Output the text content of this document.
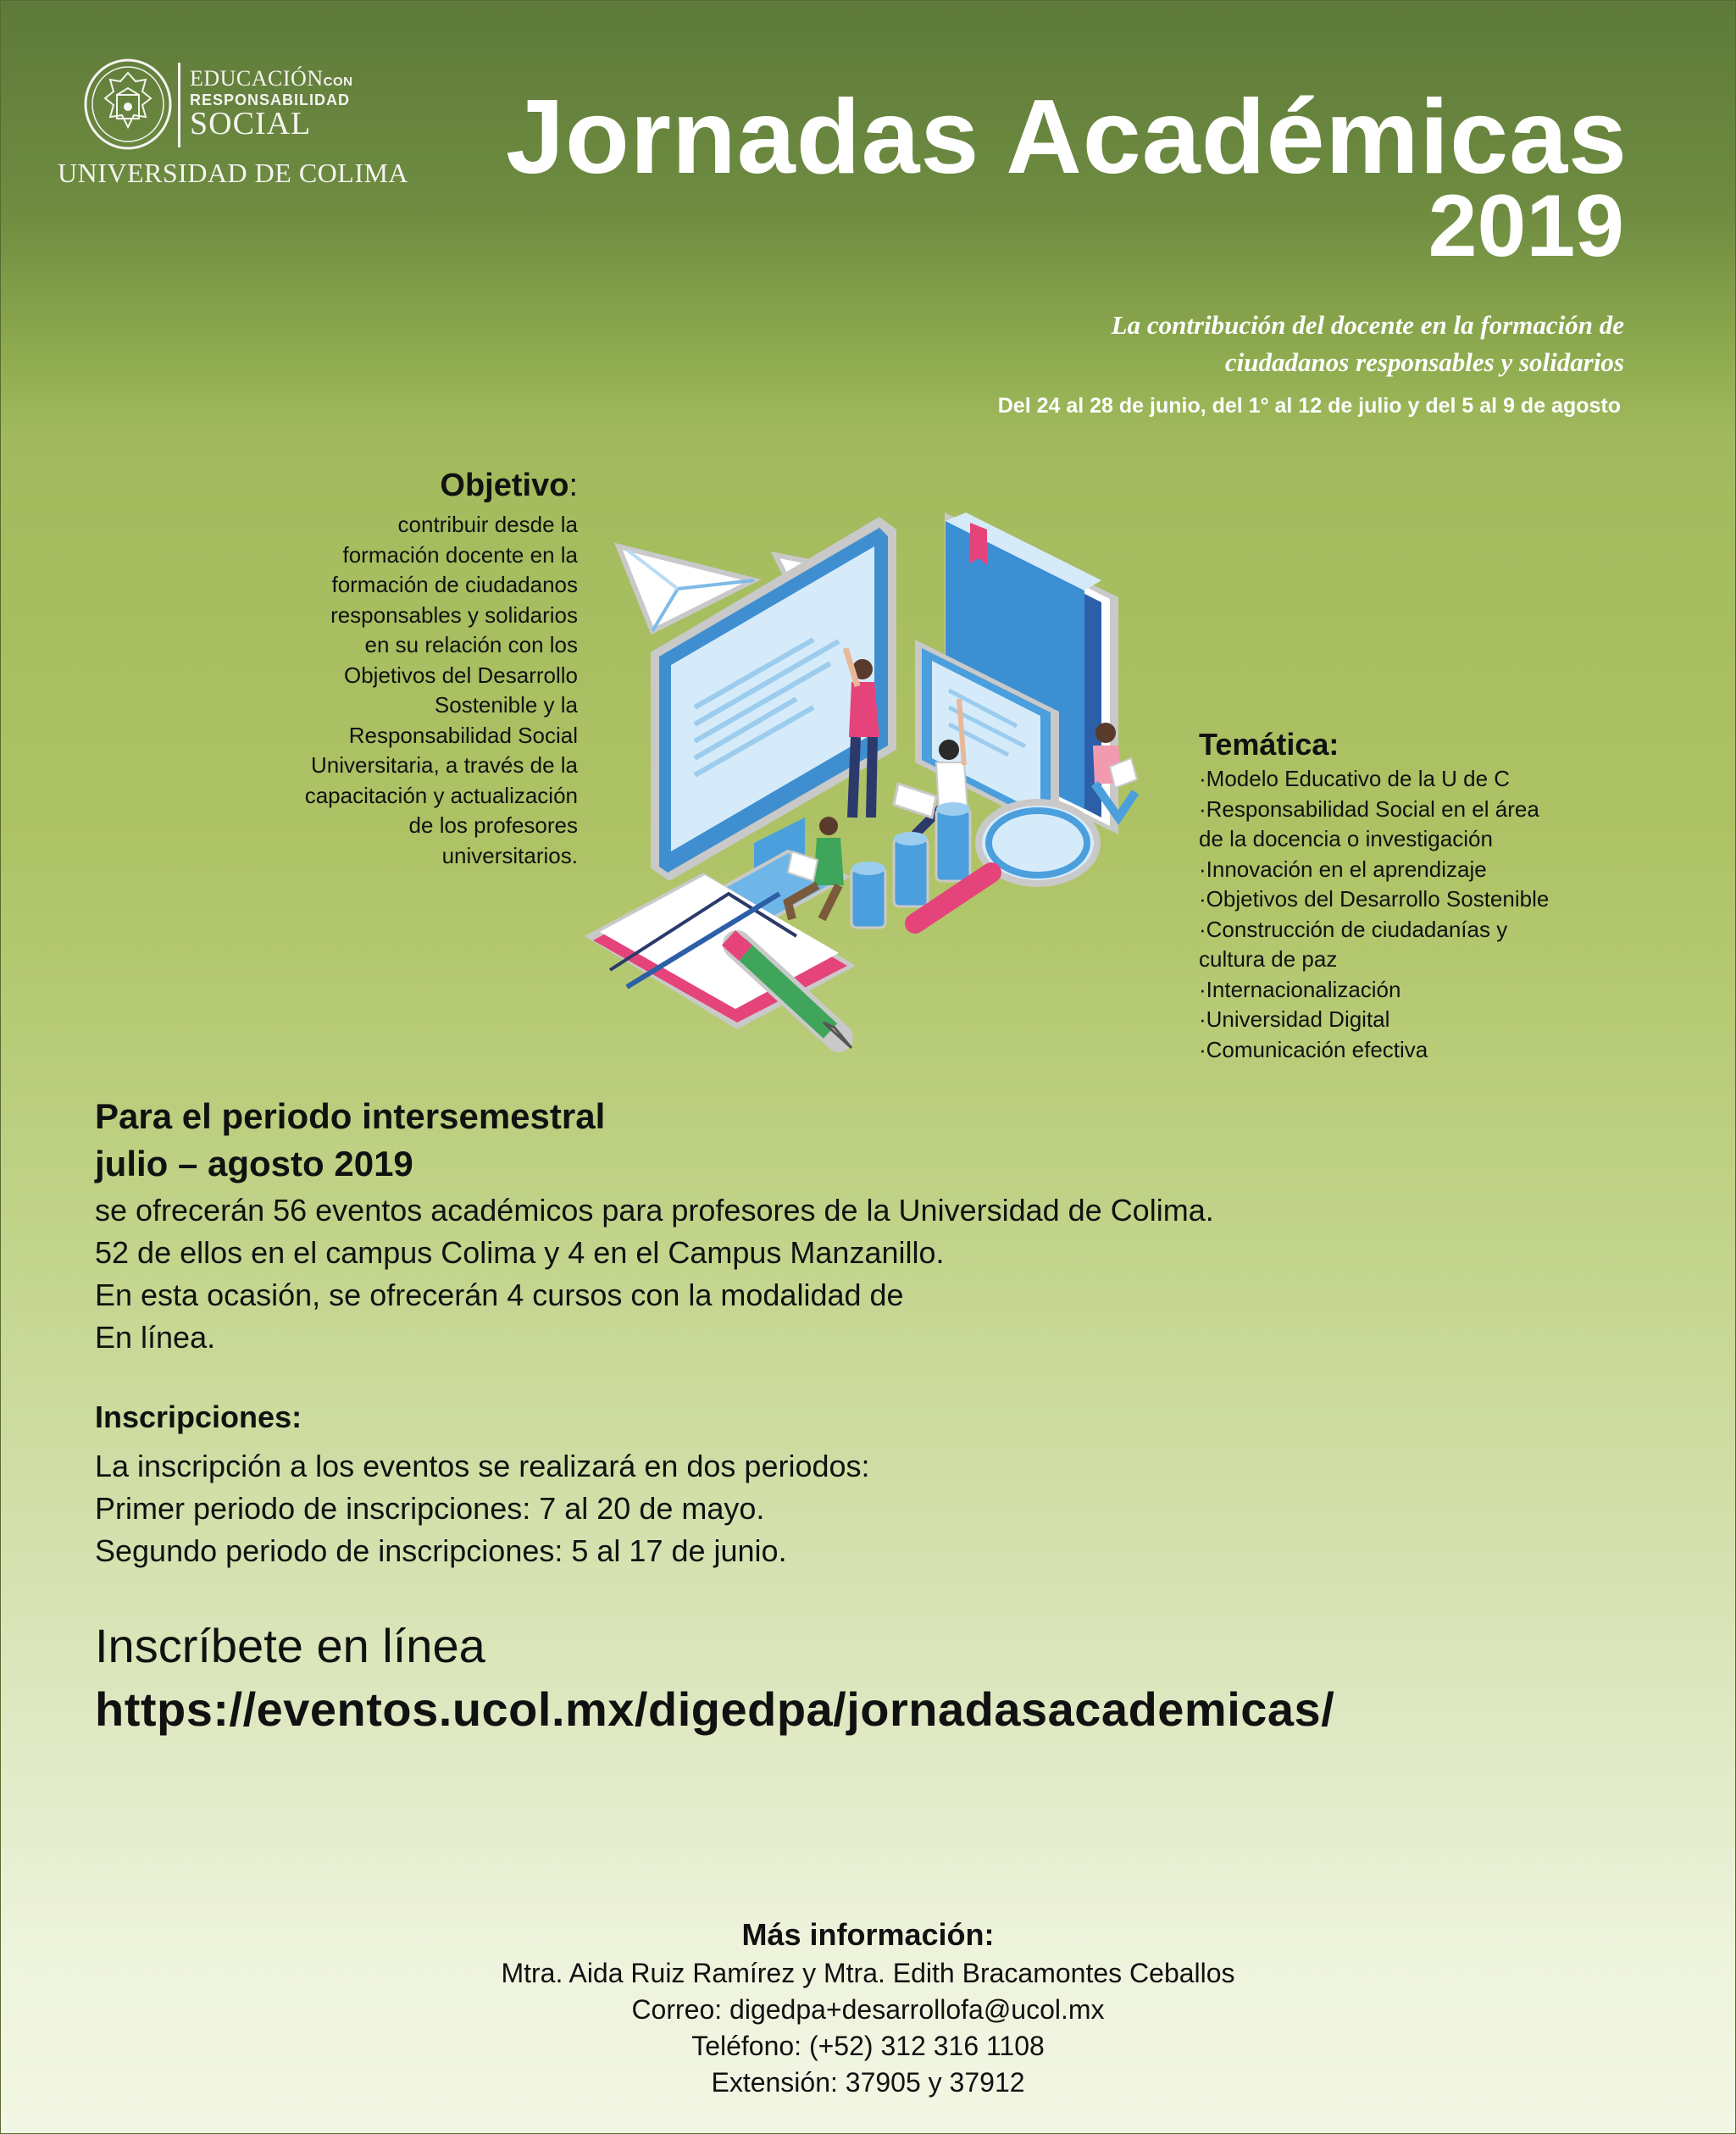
EDUCACIÓNCON
RESPONSABILIDAD
SOCIAL
UNIVERSIDAD DE COLIMA Jornadas Académicas
2019
La contribución del docente en la formación de
ciudadanos responsables y solidarios
Del 24 al 28 de junio, del 1° al 12 de julio y del 5 al 9 de agosto
Objetivo:
contribuir desde la
formación docente en la
formación de ciudadanos
responsables y solidarios
en su relación con los
Objetivos del Desarrollo
Sostenible y la
Responsabilidad Social
Universitaria, a través de la
capacitación y actualización
de los profesores
universitarios.
Temática:
·Modelo Educativo de la U de C
·Responsabilidad Social en el área
de la docencia o investigación
·Innovación en el aprendizaje
·Objetivos del Desarrollo Sostenible
·Construcción de ciudadanías y
cultura de paz
·Internacionalización
·Universidad Digital
·Comunicación efectiva
Para el periodo intersemestral
julio – agosto 2019
se ofrecerán 56 eventos académicos para profesores de la Universidad de Colima.
52 de ellos en el campus Colima y 4 en el Campus Manzanillo.
En esta ocasión, se ofrecerán 4 cursos con la modalidad de
En línea.
Inscripciones:
La inscripción a los eventos se realizará en dos periodos:
Primer periodo de inscripciones: 7 al 20 de mayo.
Segundo periodo de inscripciones: 5 al 17 de junio.
Inscríbete en línea
https://eventos.ucol.mx/digedpa/jornadasacademicas/
Más información:
Mtra. Aida Ruiz Ramírez y Mtra. Edith Bracamontes Ceballos
Correo: digedpa+desarrollofa@ucol.mx
Teléfono: (+52) 312 316 1108
Extensión: 37905 y 37912
